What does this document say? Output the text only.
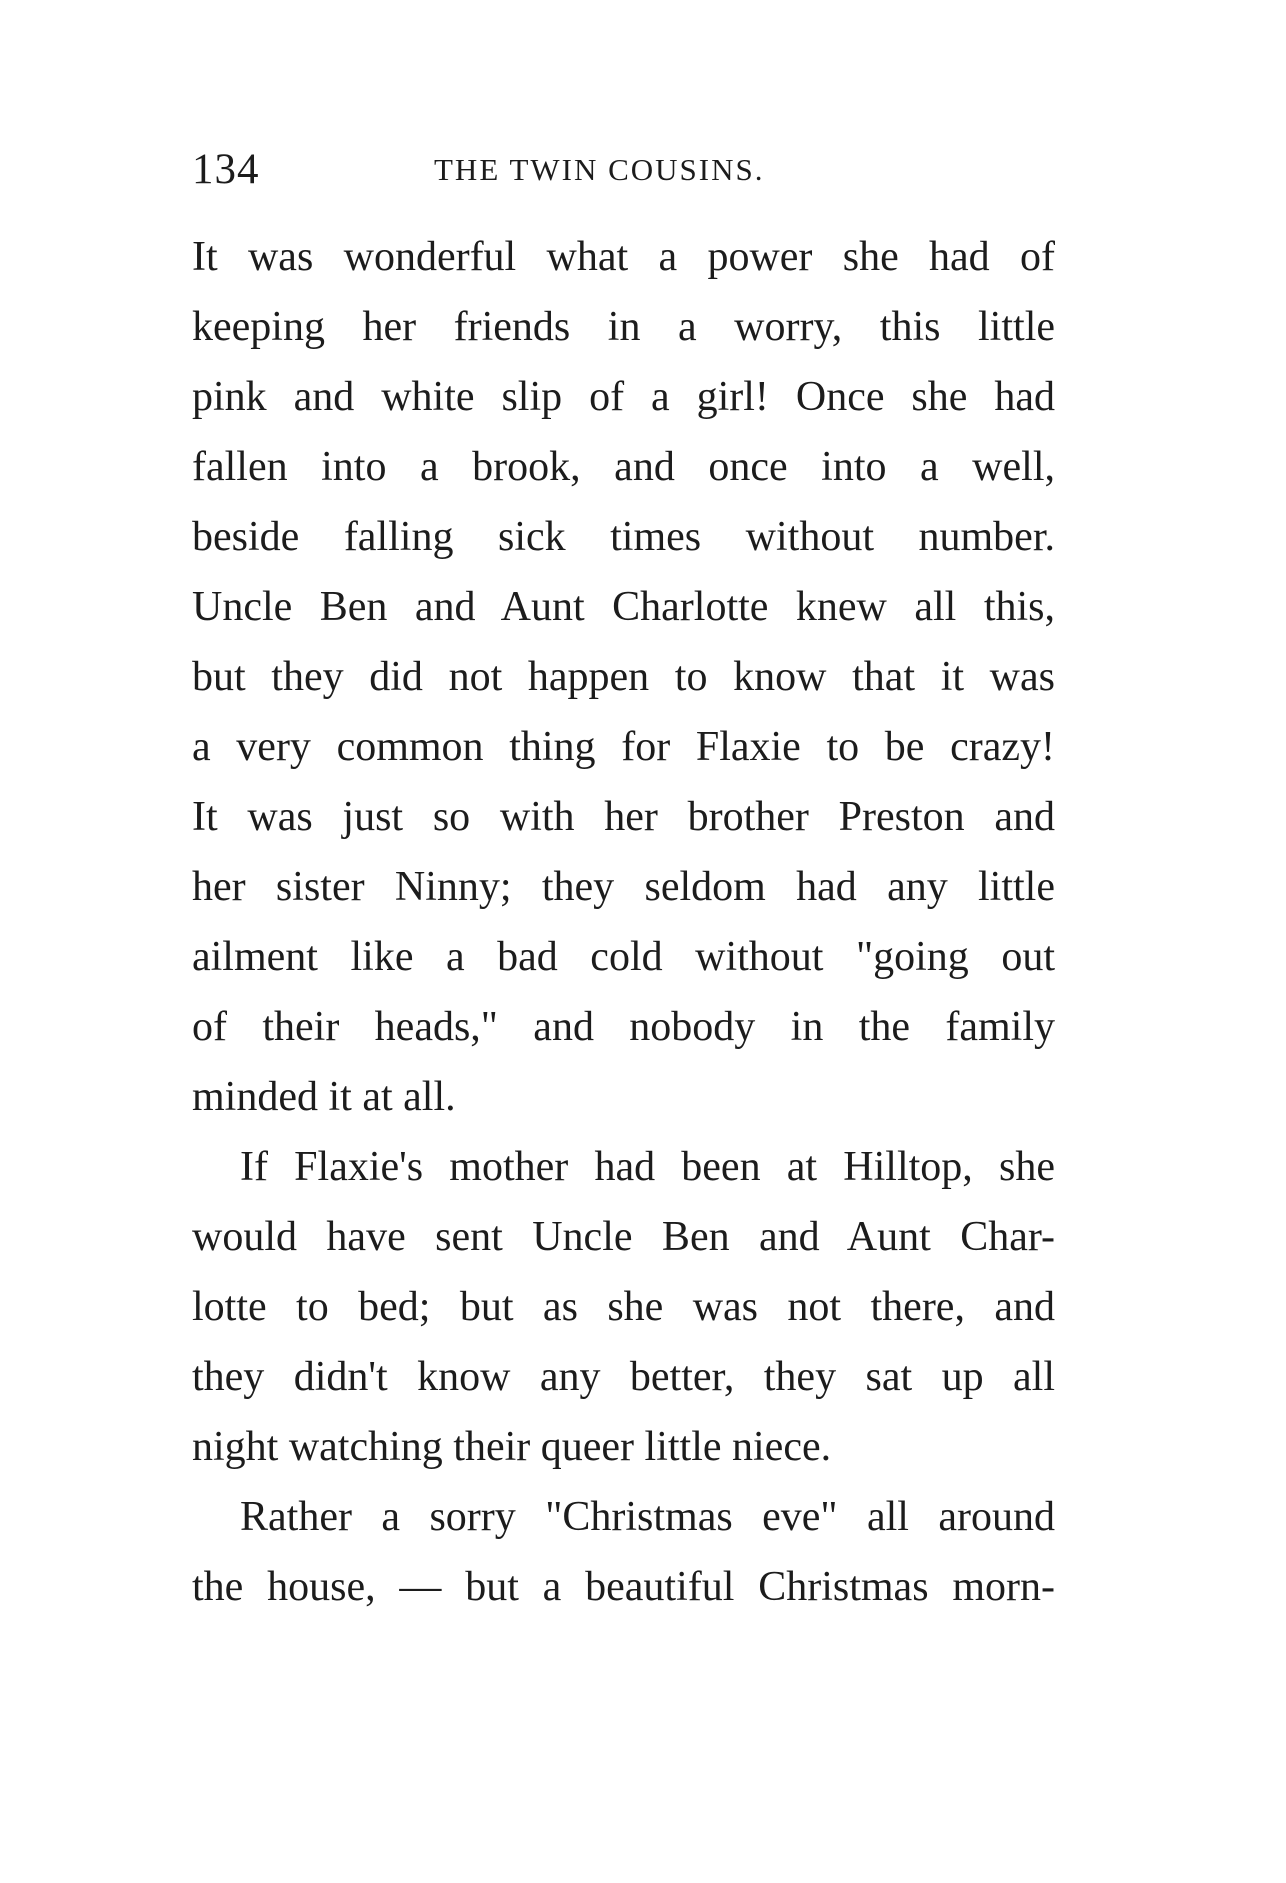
134	THE TWIN COUSINS.
It was wonderful what a power she had of
keeping her friends in a worry, this little
pink and white slip of a girl! Once she had
fallen into a brook, and once into a well,
beside falling sick times without number.
Uncle Ben and Aunt Charlotte knew all this,
but they did not happen to know that it was
a very common thing for Flaxie to be crazy!
It was just so with her brother Preston and
her sister Ninny; they seldom had any little
ailment like a bad cold without "going out
of their heads," and nobody in the family
minded it at all.
If Flaxie's mother had been at Hilltop, she
would have sent Uncle Ben and Aunt Char-
lotte to bed; but as she was not there, and
they didn't know any better, they sat up all
night watching their queer little niece.
Rather a sorry "Christmas eve" all around
the house, — but a beautiful Christmas morn-
